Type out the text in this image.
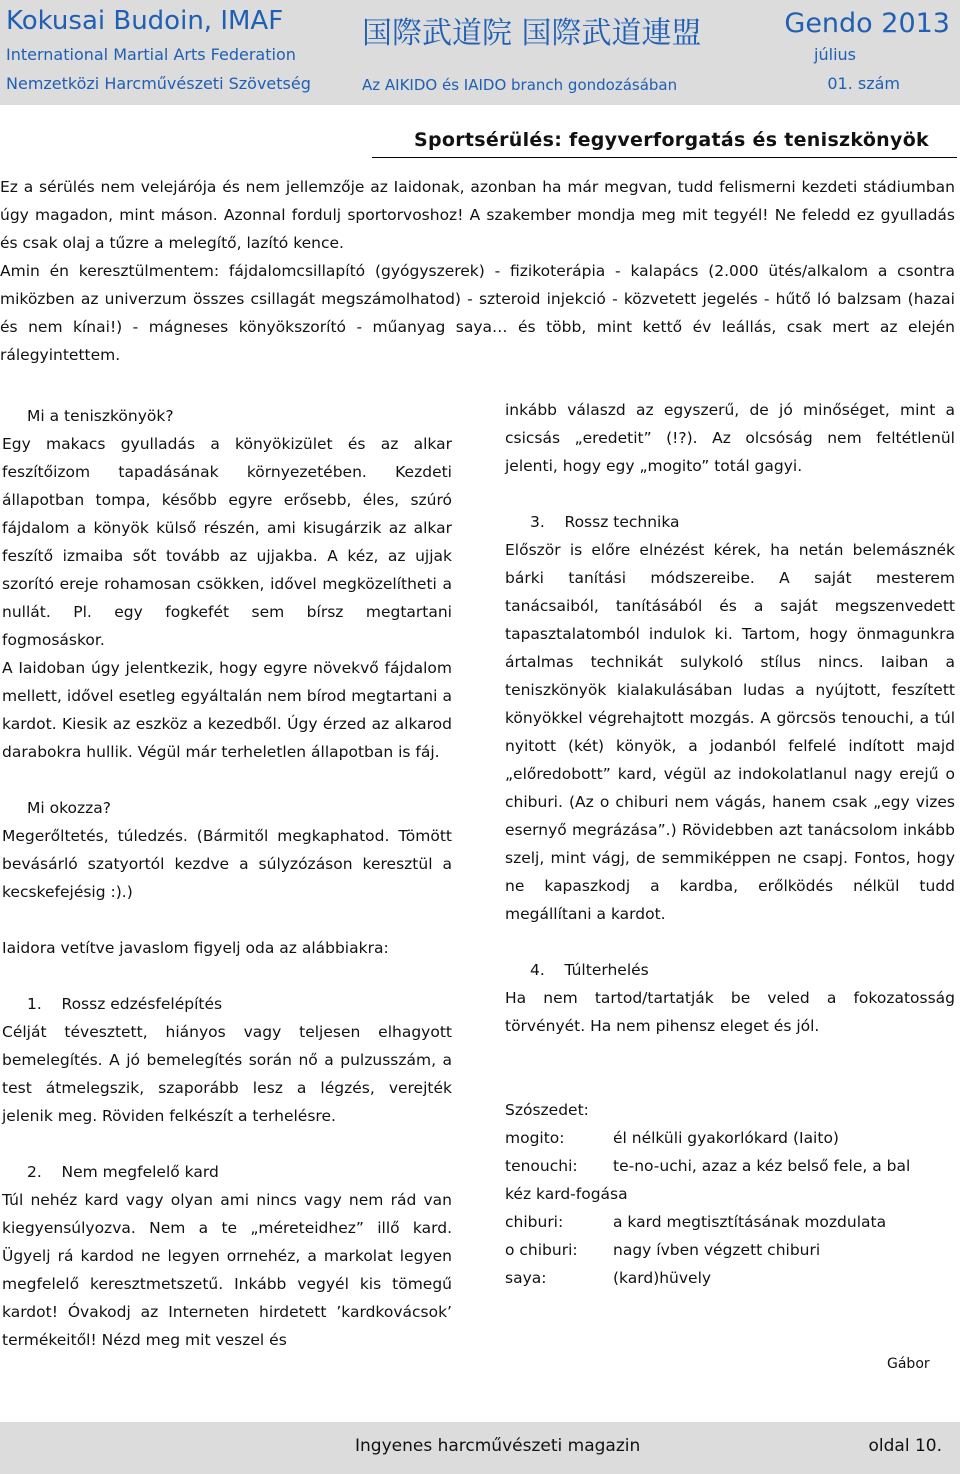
Kokusai Budoin, IMAF
International Martial Arts Federation
Nemzetközi Harcművészeti Szövetség
国際武道院 国際武道連盟
Az AIKIDO és IAIDO branch gondozásában
Gendo 2013
július
01. szám
Sportsérülés: fegyverforgatás és teniszkönyök

Ez a sérülés nem velejárója és nem jellemzője az Iaidonak, azonban ha már megvan, tudd felismerni kezdeti stádiumban úgy magadon, mint máson. Azonnal fordulj sportorvoshoz! A szakember mondja meg mit tegyél! Ne feledd ez gyulladás és csak olaj a tűzre a melegítő, lazító kence.

Amin én keresztülmentem: fájdalomcsillapító (gyógyszerek) - fizikoterápia - kalapács (2.000 ütés/alkalom a csontra miközben az univerzum összes csillagát megszámolhatod) - szteroid injekció - közvetett jegelés - hűtő ló balzsam (hazai és nem kínai!) - mágneses könyökszorító - műanyag saya… és több, mint kettő év leállás, csak mert az elején rálegyintettem.

Mi a teniszkönyök?

Egy makacs gyulladás a könyökizület és az alkar feszítőizom tapadásának környezetében. Kezdeti állapotban tompa, később egyre erősebb, éles, szúró fájdalom a könyök külső részén, ami kisugárzik az alkar feszítő izmaiba sőt tovább az ujjakba. A kéz, az ujjak szorító ereje rohamosan csökken, idővel megközelítheti a nullát. Pl. egy fogkefét sem bírsz megtartani fogmosáskor.

A Iaidoban úgy jelentkezik, hogy egyre növekvő fájdalom mellett, idővel esetleg egyáltalán nem bírod megtartani a kardot. Kiesik az eszköz a kezedből. Úgy érzed az alkarod darabokra hullik. Végül már terheletlen állapotban is fáj.

Mi okozza?

Megerőltetés, túledzés. (Bármitől megkaphatod. Tömött bevásárló szatyortól kezdve a súlyzózáson keresztül a kecskefejésig :).)

Iaidora vetítve javaslom figyelj oda az alábbiakra:

1.    Rossz edzésfelépítés

Célját tévesztett, hiányos vagy teljesen elhagyott bemelegítés. A jó bemelegítés során nő a pulzusszám, a test átmelegszik, szaporább lesz a légzés, verejték jelenik meg. Röviden felkészít a terhelésre.

2.    Nem megfelelő kard

Túl nehéz kard vagy olyan ami nincs vagy nem rád van kiegyensúlyozva. Nem a te „méreteidhez” illő kard. Ügyelj rá kardod ne legyen orrnehéz, a markolat legyen megfelelő keresztmetszetű. Inkább vegyél kis tömegű kardot! Óvakodj az Interneten hirdetett ’kardkovácsok’ termékeitől! Nézd meg mit veszel és

inkább válaszd az egyszerű, de jó minőséget, mint a csicsás „eredetit” (!?). Az olcsóság nem feltétlenül jelenti, hogy egy „mogito” totál gagyi.

3.    Rossz technika

Először is előre elnézést kérek, ha netán belemásznék bárki tanítási módszereibe. A saját mesterem tanácsaiból, tanításából és a saját megszenvedett tapasztalatomból indulok ki. Tartom, hogy önmagunkra ártalmas technikát sulykoló stílus nincs. Iaiban a teniszkönyök kialakulásában ludas a nyújtott, feszített könyökkel végrehajtott mozgás. A görcsös tenouchi, a túl nyitott (két) könyök, a jodanból felfelé indított majd „előredobott” kard, végül az indokolatlanul nagy erejű o chiburi. (Az o chiburi nem vágás, hanem csak „egy vizes esernyő megrázása”.) Rövidebben azt tanácsolom inkább szelj, mint vágj, de semmiképpen ne csapj. Fontos, hogy ne kapaszkodj a kardba, erőlködés nélkül tudd megállítani a kardot.

4.    Túlterhelés

Ha nem tartod/tartatják be veled a fokozatosság törvényét. Ha nem pihensz eleget és jól.

Szószedet:

mogito:	él nélküli gyakorlókard (Iaito)
tenouchi:	te-no-uchi, azaz a kéz belső fele, a bal
kéz kard-fogása
chiburi:	a kard megtisztításának mozdulata
o chiburi:	nagy ívben végzett chiburi
saya:	(kard)hüvely
Gábor
Ingyenes harcművészeti magazin	oldal 10.
